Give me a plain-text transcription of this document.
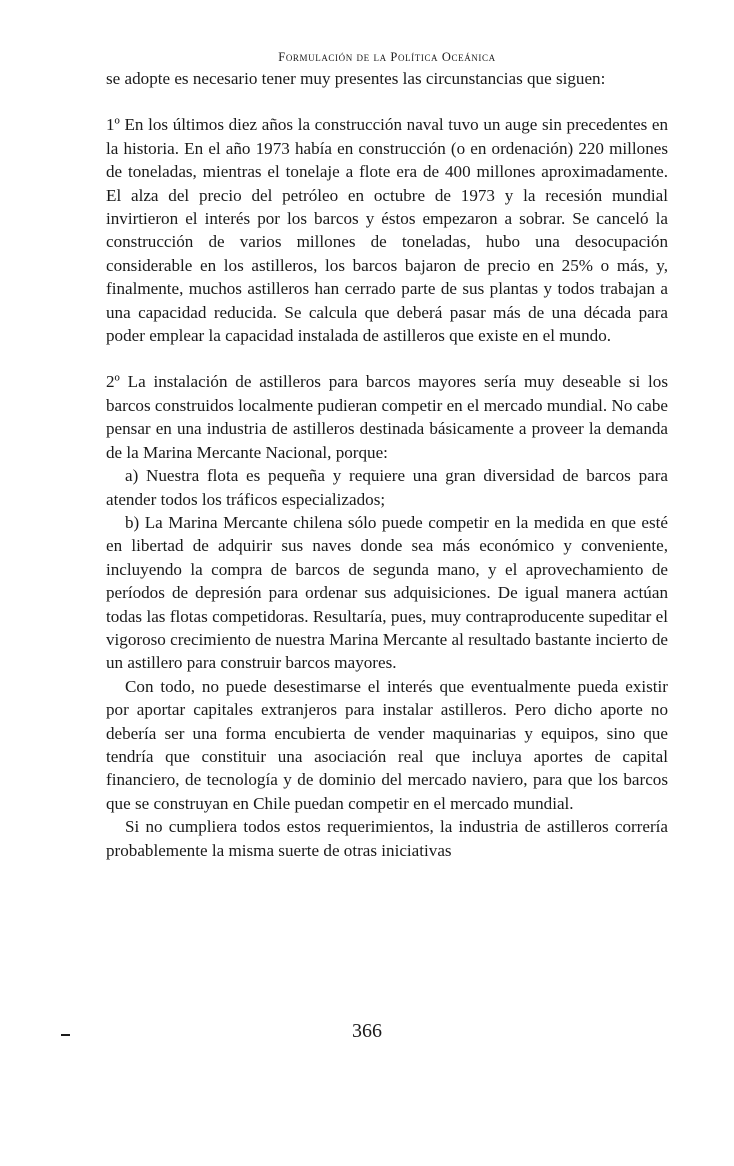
Formulación de la Política Oceánica

se adopte es necesario tener muy presentes las circunstancias que siguen:

1º En los últimos diez años la construcción naval tuvo un auge sin precedentes en la historia. En el año 1973 había en construcción (o en ordenación) 220 millones de toneladas, mientras el tonelaje a flote era de 400 millones aproximadamente. El alza del precio del petróleo en octubre de 1973 y la recesión mundial invirtieron el interés por los barcos y éstos empezaron a sobrar. Se canceló la construcción de varios millones de toneladas, hubo una desocupación considerable en los astilleros, los barcos bajaron de precio en 25% o más, y, finalmente, muchos astilleros han cerrado parte de sus plantas y todos trabajan a una capacidad reducida. Se calcula que deberá pasar más de una década para poder emplear la capacidad instalada de astilleros que existe en el mundo.

2º La instalación de astilleros para barcos mayores sería muy deseable si los barcos construidos localmente pudieran competir en el mercado mundial. No cabe pensar en una industria de astilleros destinada básicamente a proveer la demanda de la Marina Mercante Nacional, porque:

a) Nuestra flota es pequeña y requiere una gran diversidad de barcos para atender todos los tráficos especializados;

b) La Marina Mercante chilena sólo puede competir en la medida en que esté en libertad de adquirir sus naves donde sea más económico y conveniente, incluyendo la compra de barcos de segunda mano, y el aprovechamiento de períodos de depresión para ordenar sus adquisiciones. De igual manera actúan todas las flotas competidoras. Resultaría, pues, muy contraproducente supeditar el vigoroso crecimiento de nuestra Marina Mercante al resultado bastante incierto de un astillero para construir barcos mayores.

Con todo, no puede desestimarse el interés que eventualmente pueda existir por aportar capitales extranjeros para instalar astilleros. Pero dicho aporte no debería ser una forma encubierta de vender maquinarias y equipos, sino que tendría que constituir una asociación real que incluya aportes de capital financiero, de tecnología y de dominio del mercado naviero, para que los barcos que se construyan en Chile puedan competir en el mercado mundial.

Si no cumpliera todos estos requerimientos, la industria de astilleros correría probablemente la misma suerte de otras iniciativas

366
